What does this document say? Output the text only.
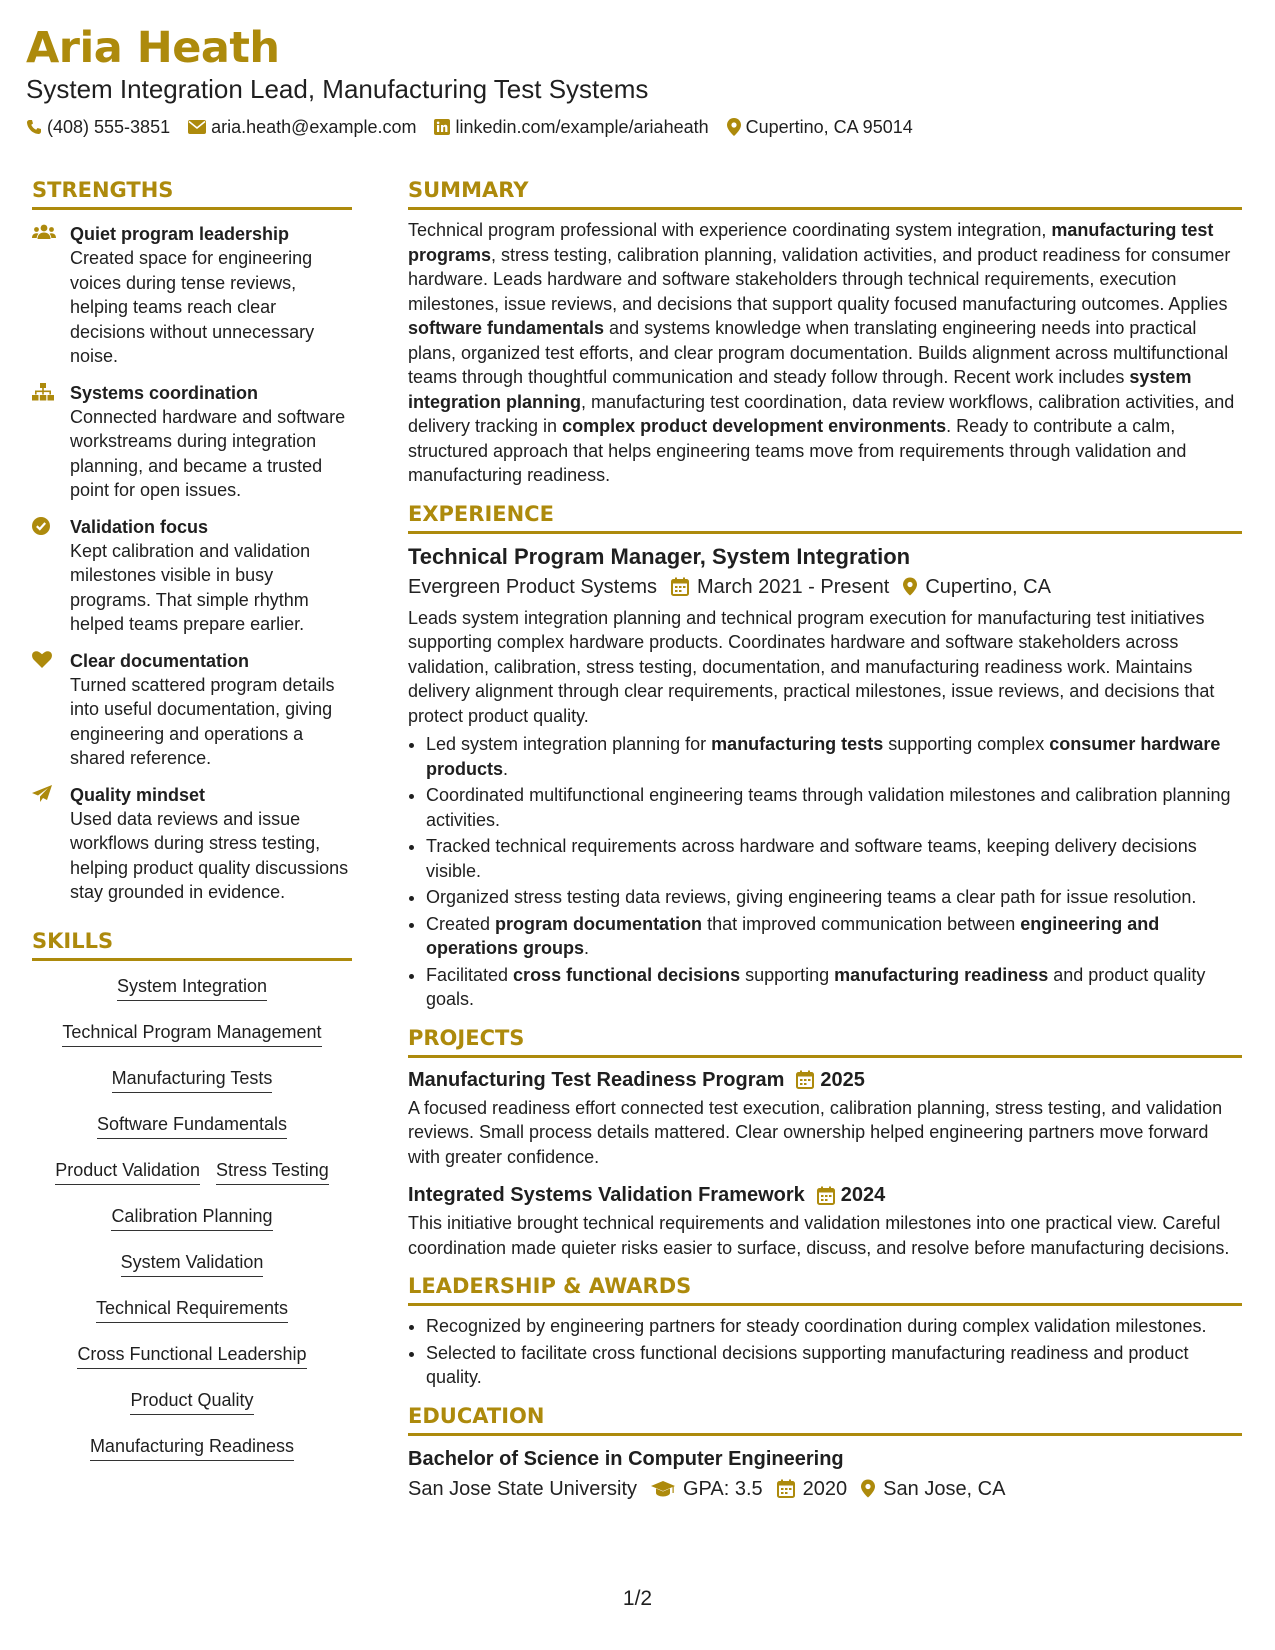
Aria Heath
System Integration Lead, Manufacturing Test Systems
(408) 555-3851 aria.heath@example.com linkedin.com/example/ariaheath Cupertino, CA 95014
STRENGTHS
Quiet program leadership
Created space for engineering voices during tense reviews, helping teams reach clear decisions without unnecessary noise.
Systems coordination
Connected hardware and software workstreams during integration planning, and became a trusted point for open issues.
Validation focus
Kept calibration and validation milestones visible in busy programs. That simple rhythm helped teams prepare earlier.
Clear documentation
Turned scattered program details into useful documentation, giving engineering and operations a shared reference.
Quality mindset
Used data reviews and issue workflows during stress testing, helping product quality discussions stay grounded in evidence.
SKILLS
System Integration
Technical Program Management
Manufacturing Tests
Software Fundamentals
Product Validation Stress Testing
Calibration Planning
System Validation
Technical Requirements
Cross Functional Leadership
Product Quality
Manufacturing Readiness
SUMMARY
Technical program professional with experience coordinating system integration, manufacturing test programs, stress testing, calibration planning, validation activities, and product readiness for consumer hardware. Leads hardware and software stakeholders through technical requirements, execution milestones, issue reviews, and decisions that support quality focused manufacturing outcomes. Applies software fundamentals and systems knowledge when translating engineering needs into practical plans, organized test efforts, and clear program documentation. Builds alignment across multifunctional teams through thoughtful communication and steady follow through. Recent work includes system integration planning, manufacturing test coordination, data review workflows, calibration activities, and delivery tracking in complex product development environments. Ready to contribute a calm, structured approach that helps engineering teams move from requirements through validation and manufacturing readiness.
EXPERIENCE
Technical Program Manager, System Integration
Evergreen Product Systems March 2021 - Present Cupertino, CA
Leads system integration planning and technical program execution for manufacturing test initiatives supporting complex hardware products. Coordinates hardware and software stakeholders across validation, calibration, stress testing, documentation, and manufacturing readiness work. Maintains delivery alignment through clear requirements, practical milestones, issue reviews, and decisions that protect product quality.
• Led system integration planning for manufacturing tests supporting complex consumer hardware products.
• Coordinated multifunctional engineering teams through validation milestones and calibration planning activities.
• Tracked technical requirements across hardware and software teams, keeping delivery decisions visible.
• Organized stress testing data reviews, giving engineering teams a clear path for issue resolution.
• Created program documentation that improved communication between engineering and operations groups.
• Facilitated cross functional decisions supporting manufacturing readiness and product quality goals.
PROJECTS
Manufacturing Test Readiness Program 2025
A focused readiness effort connected test execution, calibration planning, stress testing, and validation reviews. Small process details mattered. Clear ownership helped engineering partners move forward with greater confidence.
Integrated Systems Validation Framework 2024
This initiative brought technical requirements and validation milestones into one practical view. Careful coordination made quieter risks easier to surface, discuss, and resolve before manufacturing decisions.
LEADERSHIP & AWARDS
• Recognized by engineering partners for steady coordination during complex validation milestones.
• Selected to facilitate cross functional decisions supporting manufacturing readiness and product quality.
EDUCATION
Bachelor of Science in Computer Engineering
San Jose State University GPA: 3.5 2020 San Jose, CA
1/2
